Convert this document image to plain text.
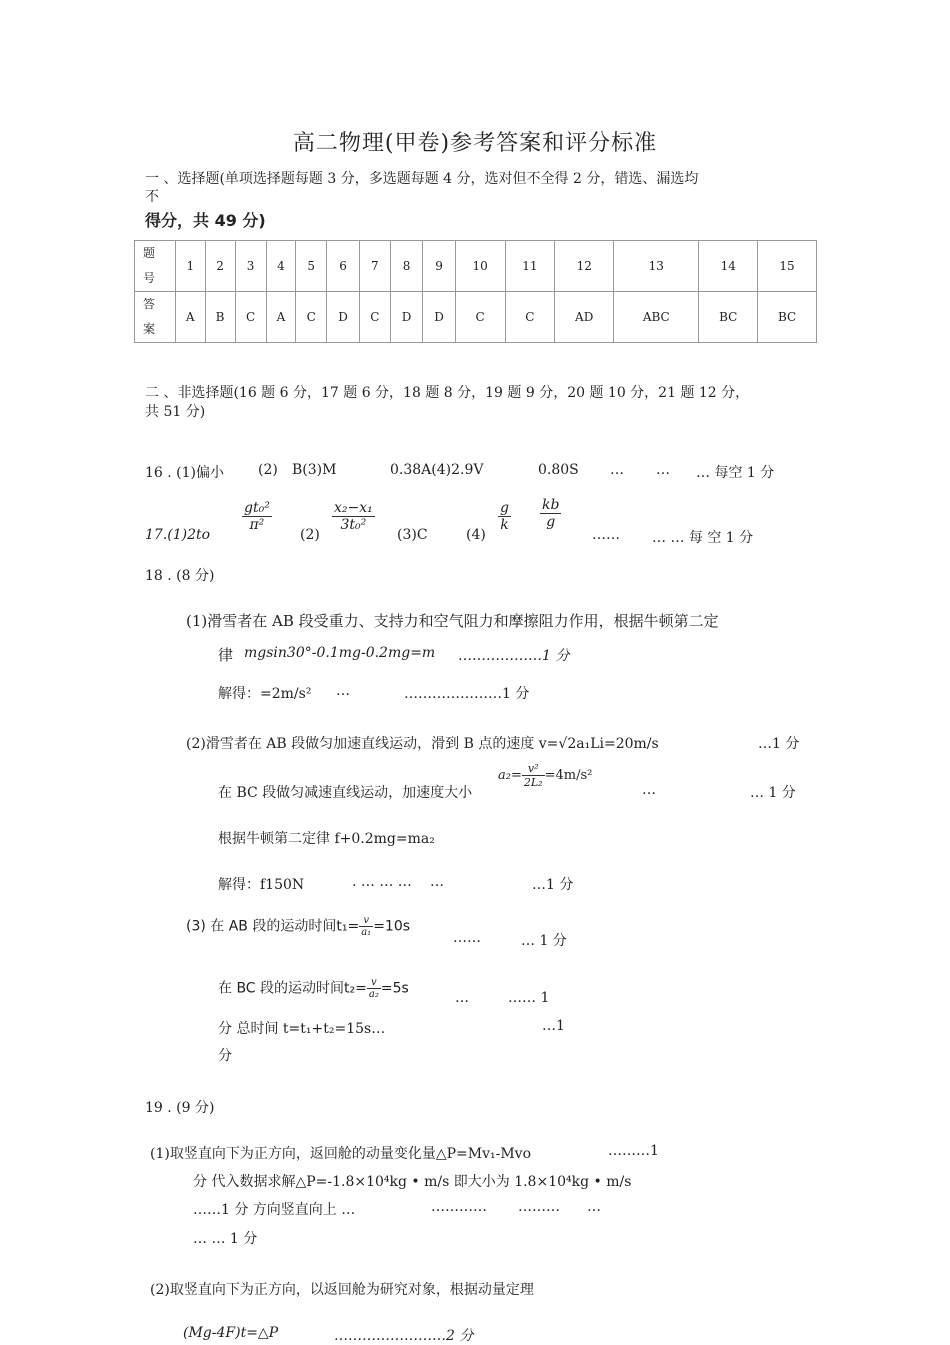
高二物理(甲卷)参考答案和评分标准
一 、选择题(单项选择题每题 3 分，多选题每题 4 分，选对但不全得 2 分，错选、漏选均
不
得分，共 49 分)
题
号	1	2	3	4	5	6	7	8	9	10	11	12	13	14	15
答
案	A	B	C	A	C	D	C	D	D	C	C	AD	ABC	BC	BC
二 、非选择题(16 题 6 分，17 题 6 分，18 题 8 分，19 题 9 分，20 题 10 分，21 题 12 分，
共 51 分)
16 . (1)偏小 (2) B(3)M	0.38A(4)2.9V	0.80S … … … 每空 1 分
17.(1)2to
$\frac{\text{gt₀²}}{\text{π²}}$
(2)
$\frac{\text{x₂−x₁}}{\text{3t₀²}}$
(3)C	(4)
$\frac{g}{k} \frac{kb}{g}$
…… … … 每 空 1 分
18 . (8 分)
(1)滑雪者在 AB 段受重力、支持力和空气阻力和摩擦阻力作用，根据牛顿第二定
律 mgsin30°-0.1mg-0.2mg=m ………………1 分
解得：=2m/s² …	…………………1 分
(2)滑雪者在 AB 段做匀加速直线运动，滑到 B 点的速度 v=√2a₁Li=20m/s	…1 分
在 BC 段做匀减速直线运动，加速度大小
$a_2= \frac{\text{v²}}{\text{2L₂}} =4m/s^2$
…	… 1 分
根据牛顿第二定律 f+0.2mg=ma₂
解得：f150N	. … … … …	…1 分
(3) 在 AB 段的运动时间$t_1= \frac{v}{\text{a₁}} =10s$
……	… 1 分
在 BC 段的运动时间$t_2= \frac{v}{\text{a₂}} =5s$
…	…… 1
分 总时间 t=t₁+t₂=15s…	…1
分
19 . (9 分)
(1)取竖直向下为正方向，返回舱的动量变化量△P=Mv₁-Mvo	………1
分 代入数据求解△P=-1.8×10⁴kg • m/s 即大小为 1.8×10⁴kg • m/s
……1 分 方向竖直向上 …	………… ……… …
… … 1 分
(2)取竖直向下为正方向，以返回舱为研究对象，根据动量定理
(Mg-4F)t=△P	……………………2 分
